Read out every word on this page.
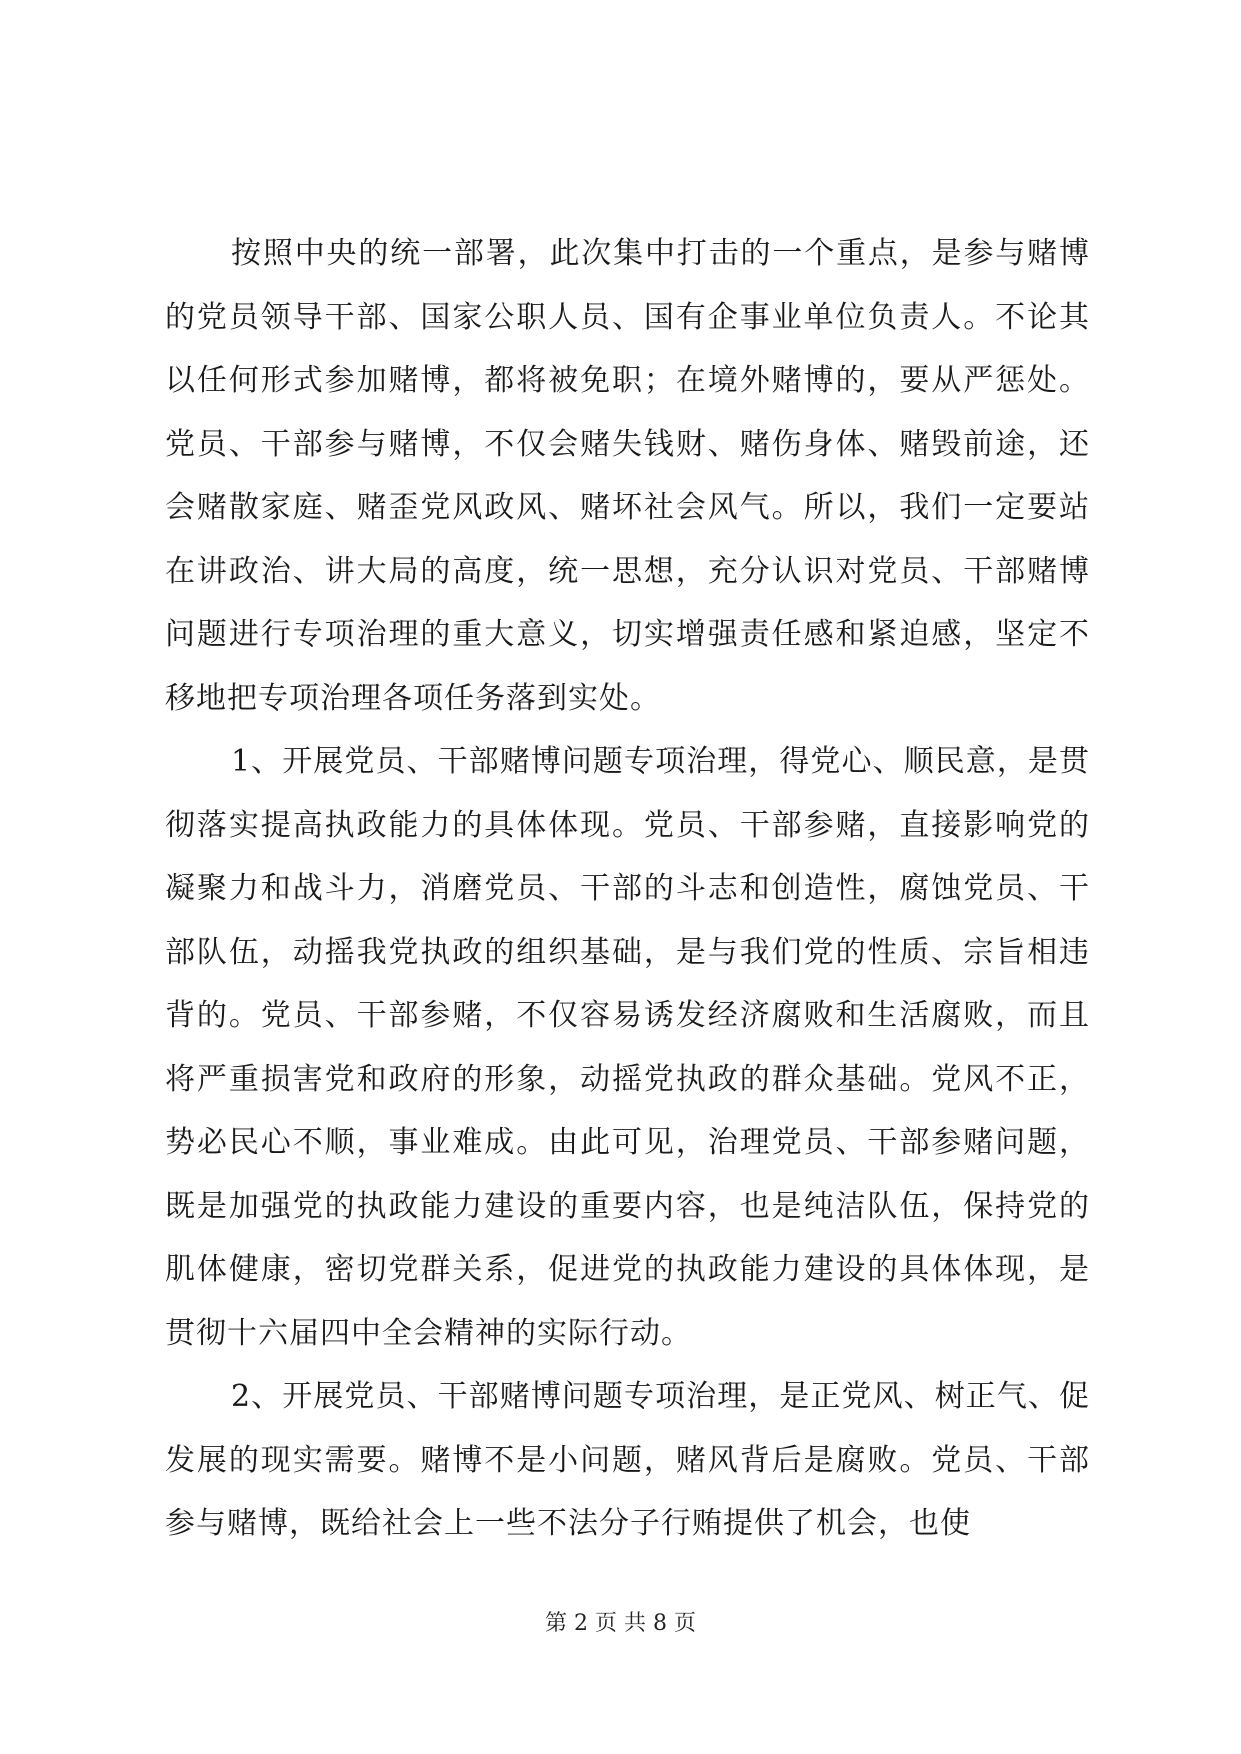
按照中央的统一部署，此次集中打击的一个重点，是参与赌博的党员领导干部、国家公职人员、国有企事业单位负责人。不论其以任何形式参加赌博，都将被免职；在境外赌博的，要从严惩处。党员、干部参与赌博，不仅会赌失钱财、赌伤身体、赌毁前途，还会赌散家庭、赌歪党风政风、赌坏社会风气。所以，我们一定要站在讲政治、讲大局的高度，统一思想，充分认识对党员、干部赌博问题进行专项治理的重大意义，切实增强责任感和紧迫感，坚定不移地把专项治理各项任务落到实处。

1、开展党员、干部赌博问题专项治理，得党心、顺民意，是贯彻落实提高执政能力的具体体现。党员、干部参赌，直接影响党的凝聚力和战斗力，消磨党员、干部的斗志和创造性，腐蚀党员、干部队伍，动摇我党执政的组织基础，是与我们党的性质、宗旨相违背的。党员、干部参赌，不仅容易诱发经济腐败和生活腐败，而且将严重损害党和政府的形象，动摇党执政的群众基础。党风不正，势必民心不顺，事业难成。由此可见，治理党员、干部参赌问题，既是加强党的执政能力建设的重要内容，也是纯洁队伍，保持党的肌体健康，密切党群关系，促进党的执政能力建设的具体体现，是贯彻十六届四中全会精神的实际行动。

2、开展党员、干部赌博问题专项治理，是正党风、树正气、促发展的现实需要。赌博不是小问题，赌风背后是腐败。党员、干部参与赌博，既给社会上一些不法分子行贿提供了机会，也使

第 2 页 共 8 页
